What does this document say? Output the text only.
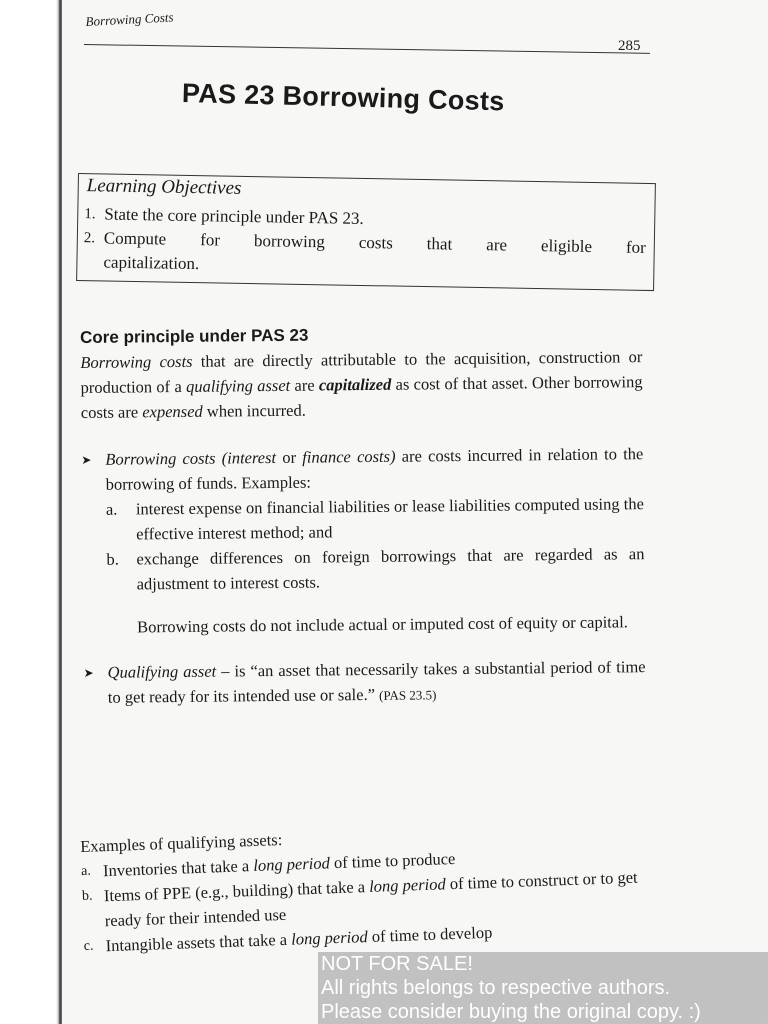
Borrowing Costs
285
PAS 23 Borrowing Costs
Learning Objectives
1. State the core principle under PAS 23.
2. Compute for borrowing costs that are eligible for
capitalization.
Core principle under PAS 23
Borrowing costs that are directly attributable to the acquisition, construction or production of a qualifying asset are capitalized as cost of that asset. Other borrowing costs are expensed when incurred.
➤ Borrowing costs (interest or finance costs) are costs incurred in relation to the borrowing of funds. Examples:
a.	interest expense on financial liabilities or lease liabilities computed using the effective interest method; and
b.	exchange differences on foreign borrowings that are regarded as an adjustment to interest costs.
Borrowing costs do not include actual or imputed cost of equity or capital.
➤ Qualifying asset – is “an asset that necessarily takes a substantial period of time to get ready for its intended use or sale.” (PAS 23.5)
Examples of qualifying assets:
a. Inventories that take a long period of time to produce
b. Items of PPE (e.g., building) that take a long period of time to construct or to get ready for their intended use
c. Intangible assets that take a long period of time to develop
NOT FOR SALE!
All rights belongs to respective authors.
Please consider buying the original copy. :)
